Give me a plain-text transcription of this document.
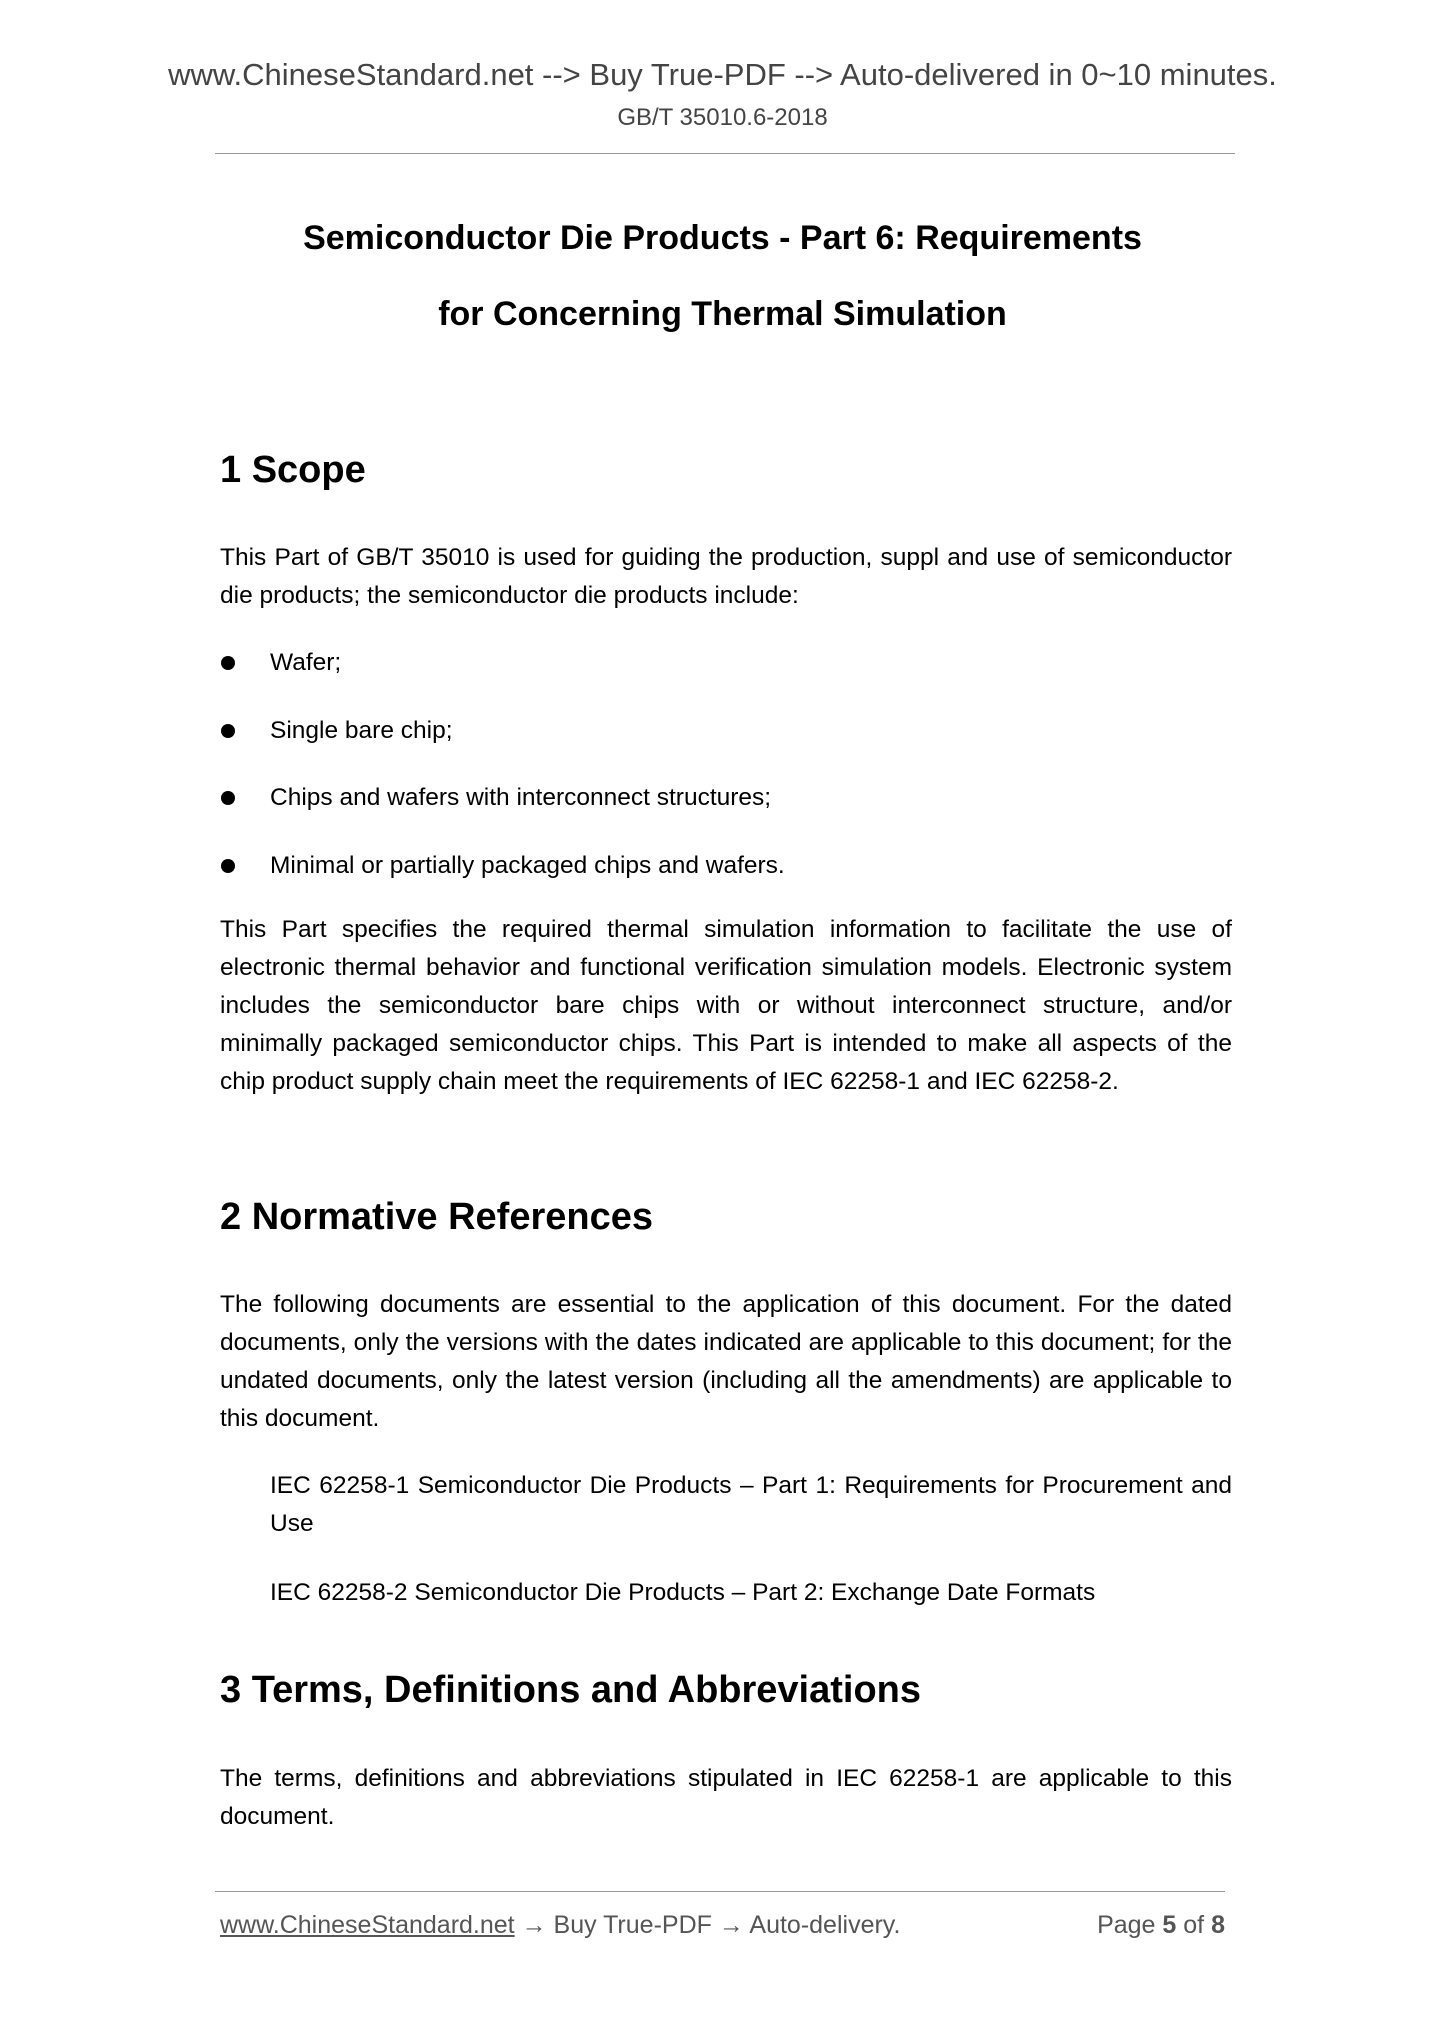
www.ChineseStandard.net --> Buy True-PDF --> Auto-delivered in 0~10 minutes.
GB/T 35010.6-2018
Semiconductor Die Products - Part 6: Requirements
for Concerning Thermal Simulation
1 Scope
This Part of GB/T 35010 is used for guiding the production, suppl and use of semiconductor die products; the semiconductor die products include:
Wafer;
Single bare chip;
Chips and wafers with interconnect structures;
Minimal or partially packaged chips and wafers.
This Part specifies the required thermal simulation information to facilitate the use of electronic thermal behavior and functional verification simulation models. Electronic system includes the semiconductor bare chips with or without interconnect structure, and/or minimally packaged semiconductor chips. This Part is intended to make all aspects of the chip product supply chain meet the requirements of IEC 62258-1 and IEC 62258-2.
2 Normative References
The following documents are essential to the application of this document. For the dated documents, only the versions with the dates indicated are applicable to this document; for the undated documents, only the latest version (including all the amendments) are applicable to this document.
IEC 62258-1 Semiconductor Die Products – Part 1: Requirements for Procurement and Use
IEC 62258-2 Semiconductor Die Products – Part 2: Exchange Date Formats
3 Terms, Definitions and Abbreviations
The terms, definitions and abbreviations stipulated in IEC 62258-1 are applicable to this document.
www.ChineseStandard.net → Buy True-PDF → Auto-delivery.	Page 5 of 8
